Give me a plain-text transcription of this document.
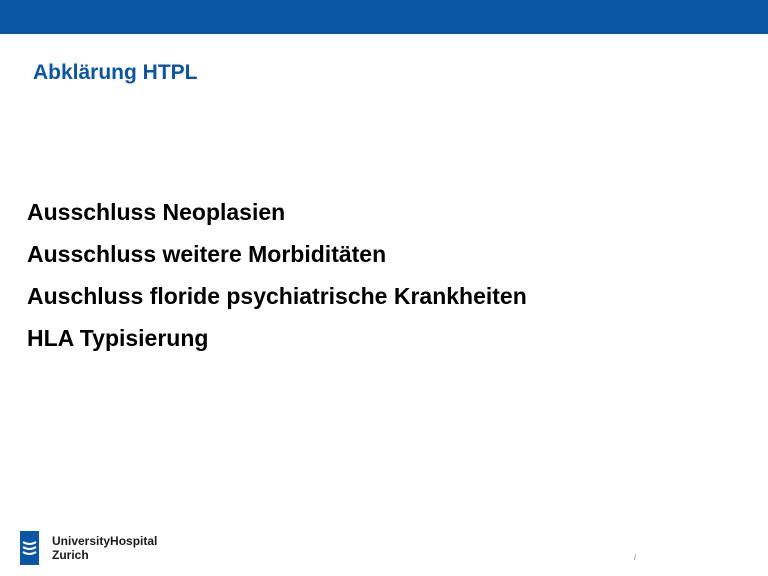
Abklärung HTPL
Ausschluss Neoplasien
Ausschluss weitere Morbiditäten
Auschluss floride psychiatrische Krankheiten
HLA Typisierung
UniversityHospital
Zurich	/
